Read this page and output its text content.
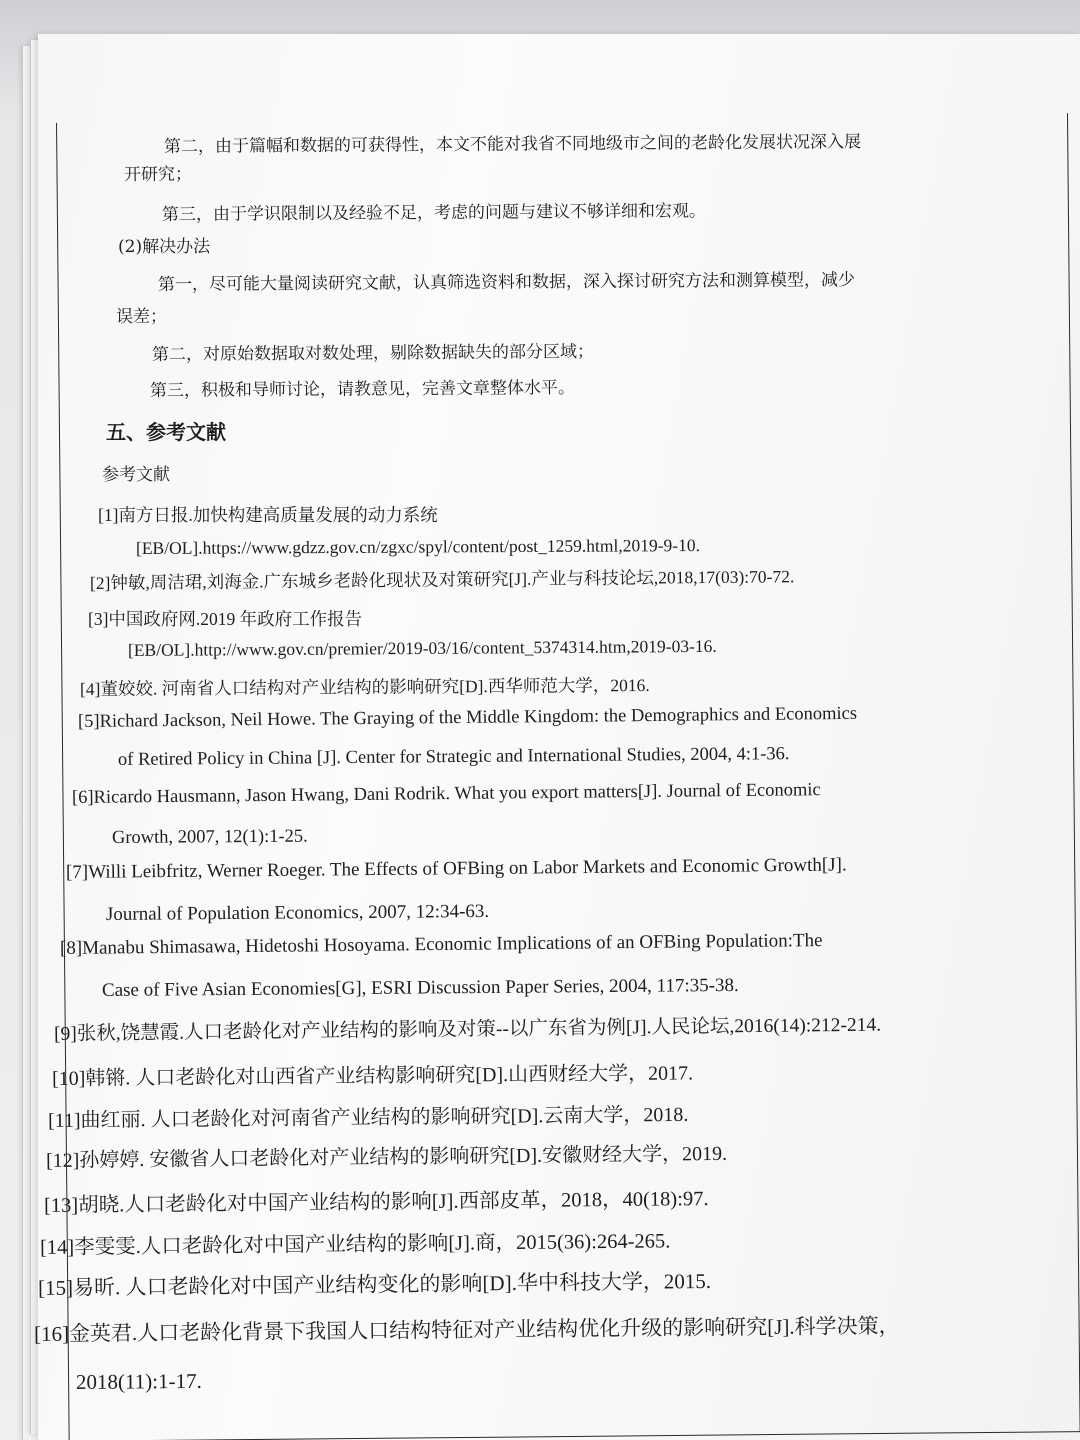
第二，由于篇幅和数据的可获得性，本文不能对我省不同地级市之间的老龄化发展状况深入展
开研究；
第三，由于学识限制以及经验不足，考虑的问题与建议不够详细和宏观。
(2)解决办法
第一，尽可能大量阅读研究文献，认真筛选资料和数据，深入探讨研究方法和测算模型，减少
误差；
第二，对原始数据取对数处理，剔除数据缺失的部分区域；
第三，积极和导师讨论，请教意见，完善文章整体水平。
五、参考文献
参考文献
[1]南方日报.加快构建高质量发展的动力系统
[EB/OL].https://www.gdzz.gov.cn/zgxc/spyl/content/post_1259.html,2019-9-10.
[2]钟敏,周洁珺,刘海金.广东城乡老龄化现状及对策研究[J].产业与科技论坛,2018,17(03):70-72.
[3]中国政府网.2019 年政府工作报告
[EB/OL].http://www.gov.cn/premier/2019-03/16/content_5374314.htm,2019-03-16.
[4]董姣姣. 河南省人口结构对产业结构的影响研究[D].西华师范大学，2016.
[5]Richard Jackson, Neil Howe. The Graying of the Middle Kingdom: the Demographics and Economics
of Retired Policy in China [J]. Center for Strategic and International Studies, 2004, 4:1-36.
[6]Ricardo Hausmann, Jason Hwang, Dani Rodrik. What you export matters[J]. Journal of Economic
Growth, 2007, 12(1):1-25.
[7]Willi Leibfritz, Werner Roeger. The Effects of OFBing on Labor Markets and Economic Growth[J].
Journal of Population Economics, 2007, 12:34-63.
[8]Manabu Shimasawa, Hidetoshi Hosoyama. Economic Implications of an OFBing Population:The
Case of Five Asian Economies[G], ESRI Discussion Paper Series, 2004, 117:35-38.
[9]张秋,饶慧霞.人口老龄化对产业结构的影响及对策--以广东省为例[J].人民论坛,2016(14):212-214.
[10]韩锵. 人口老龄化对山西省产业结构影响研究[D].山西财经大学，2017.
[11]曲红丽. 人口老龄化对河南省产业结构的影响研究[D].云南大学，2018.
[12]孙婷婷. 安徽省人口老龄化对产业结构的影响研究[D].安徽财经大学，2019.
[13]胡晓.人口老龄化对中国产业结构的影响[J].西部皮革，2018，40(18):97.
[14]李雯雯.人口老龄化对中国产业结构的影响[J].商，2015(36):264-265.
[15]易昕. 人口老龄化对中国产业结构变化的影响[D].华中科技大学，2015.
[16]金英君.人口老龄化背景下我国人口结构特征对产业结构优化升级的影响研究[J].科学决策，
2018(11):1-17.
